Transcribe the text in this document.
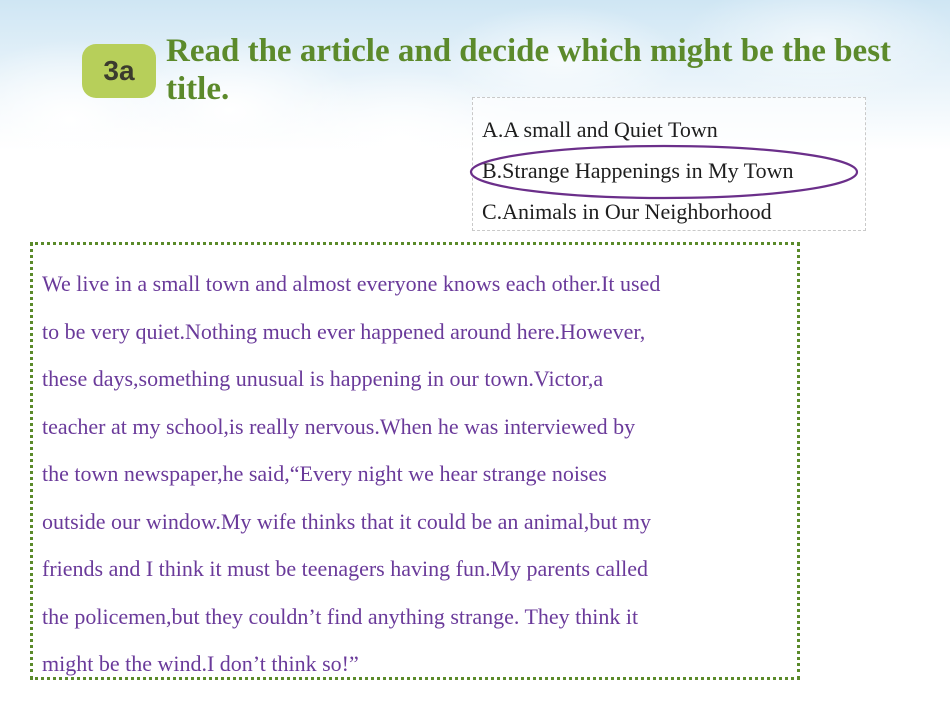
3a
Read the article and decide which might be the best title.
A.A small and Quiet Town
B.Strange Happenings in My Town
C.Animals in Our Neighborhood

We live in a small town and almost everyone knows each other.It used
to be very quiet.Nothing much ever happened around here.However,
these days,something unusual is happening in our town.Victor,a
teacher at my school,is really nervous.When he was interviewed by
the town newspaper,he said,“Every night we hear strange noises
outside our window.My wife thinks that it could be an animal,but my
friends and I think it must be teenagers having fun.My parents called
the policemen,but they couldn’t find anything strange. They think it
might be the wind.I don’t think so!”
